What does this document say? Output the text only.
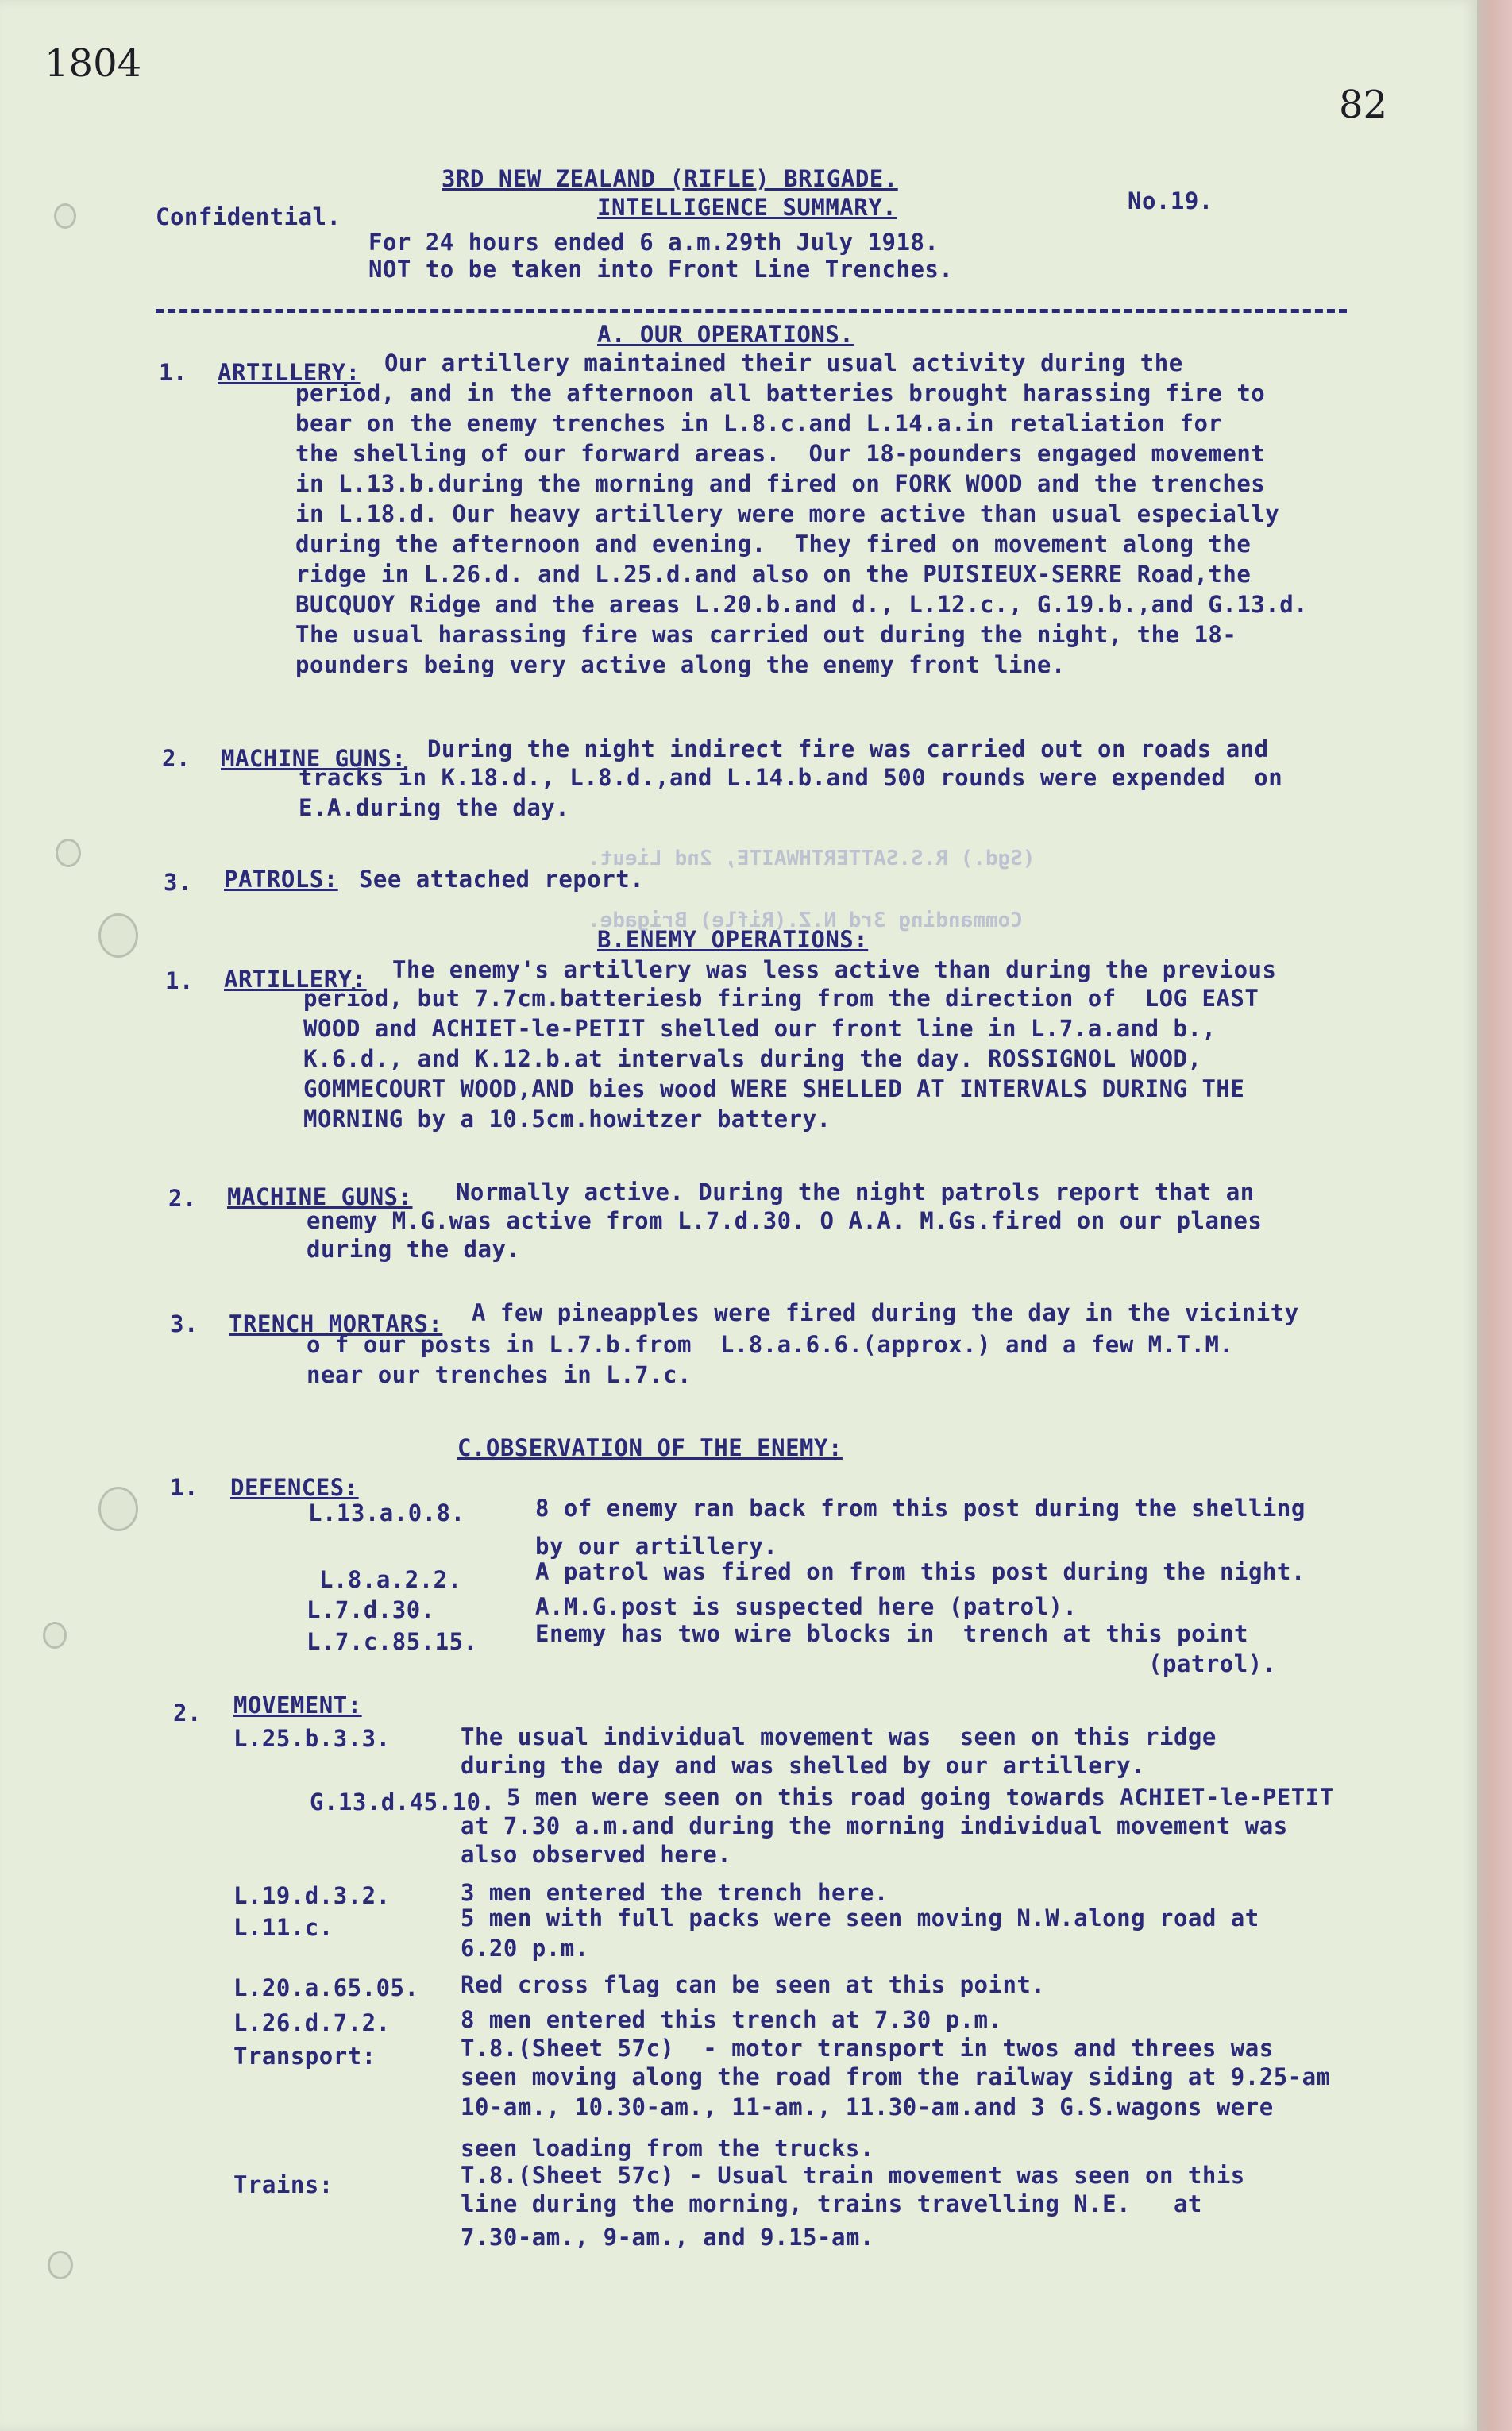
1804
82
(Sgd.) R.S.SATTERTHWAITE, 2nd Lieut.
Commanding 3rd N.Z.(Rifle) Brigade.
Confidential.
3RD NEW ZEALAND (RIFLE) BRIGADE.
INTELLIGENCE SUMMARY.	No.19.
For 24 hours ended 6 a.m.29th July 1918.
NOT to be taken into Front Line Trenches.
A. OUR OPERATIONS.
1. ARTILLERY: Our artillery maintained their usual activity during the
period, and in the afternoon all batteries brought harassing fire to
bear on the enemy trenches in L.8.c.and L.14.a.in retaliation for
the shelling of our forward areas.  Our 18-pounders engaged movement
in L.13.b.during the morning and fired on FORK WOOD and the trenches
in L.18.d. Our heavy artillery were more active than usual especially
during the afternoon and evening.  They fired on movement along the
ridge in L.26.d. and L.25.d.and also on the PUISIEUX-SERRE Road,the
BUCQUOY Ridge and the areas L.20.b.and d., L.12.c., G.19.b.,and G.13.d.
The usual harassing fire was carried out during the night, the 18-
pounders being very active along the enemy front line.
2. MACHINE GUNS: During the night indirect fire was carried out on roads and
tracks in K.18.d., L.8.d.,and L.14.b.and 500 rounds were expended  on
E.A.during the day.
3. PATROLS: See attached report.
B.ENEMY OPERATIONS:
1. ARTILLERY: The enemy's artillery was less active than during the previous
period, but 7.7cm.batteriesb firing from the direction of  LOG EAST
WOOD and ACHIET-le-PETIT shelled our front line in L.7.a.and b.,
K.6.d., and K.12.b.at intervals during the day. ROSSIGNOL WOOD,
GOMMECOURT WOOD,AND bies wood WERE SHELLED AT INTERVALS DURING THE
MORNING by a 10.5cm.howitzer battery.
2. MACHINE GUNS: Normally active. During the night patrols report that an
enemy M.G.was active from L.7.d.30. O A.A. M.Gs.fired on our planes
during the day.
3. TRENCH MORTARS: A few pineapples were fired during the day in the vicinity
o f our posts in L.7.b.from  L.8.a.6.6.(approx.) and a few M.T.M.
near our trenches in L.7.c.
C.OBSERVATION OF THE ENEMY:
1. DEFENCES:
L.13.a.0.8.	8 of enemy ran back from this post during the shelling
by our artillery.
L.8.a.2.2.	A patrol was fired on from this post during the night.
L.7.d.30.	A.M.G.post is suspected here (patrol).
L.7.c.85.15. Enemy has two wire blocks in  trench at this point
(patrol).
2. MOVEMENT:
L.25.b.3.3.	The usual individual movement was  seen on this ridge
during the day and was shelled by our artillery.
G.13.d.45.10. 5 men were seen on this road going towards ACHIET-le-PETIT
at 7.30 a.m.and during the morning individual movement was
also observed here.
L.19.d.3.2.	3 men entered the trench here.
L.11.c.	5 men with full packs were seen moving N.W.along road at
6.20 p.m.
L.20.a.65.05. Red cross flag can be seen at this point.
L.26.d.7.2.	8 men entered this trench at 7.30 p.m.
Transport:	T.8.(Sheet 57c)  - motor transport in twos and threes was
seen moving along the road from the railway siding at 9.25-am
10-am., 10.30-am., 11-am., 11.30-am.and 3 G.S.wagons were
seen loading from the trucks.
Trains:	T.8.(Sheet 57c) - Usual train movement was seen on this
line during the morning, trains travelling N.E.   at
7.30-am., 9-am., and 9.15-am.
